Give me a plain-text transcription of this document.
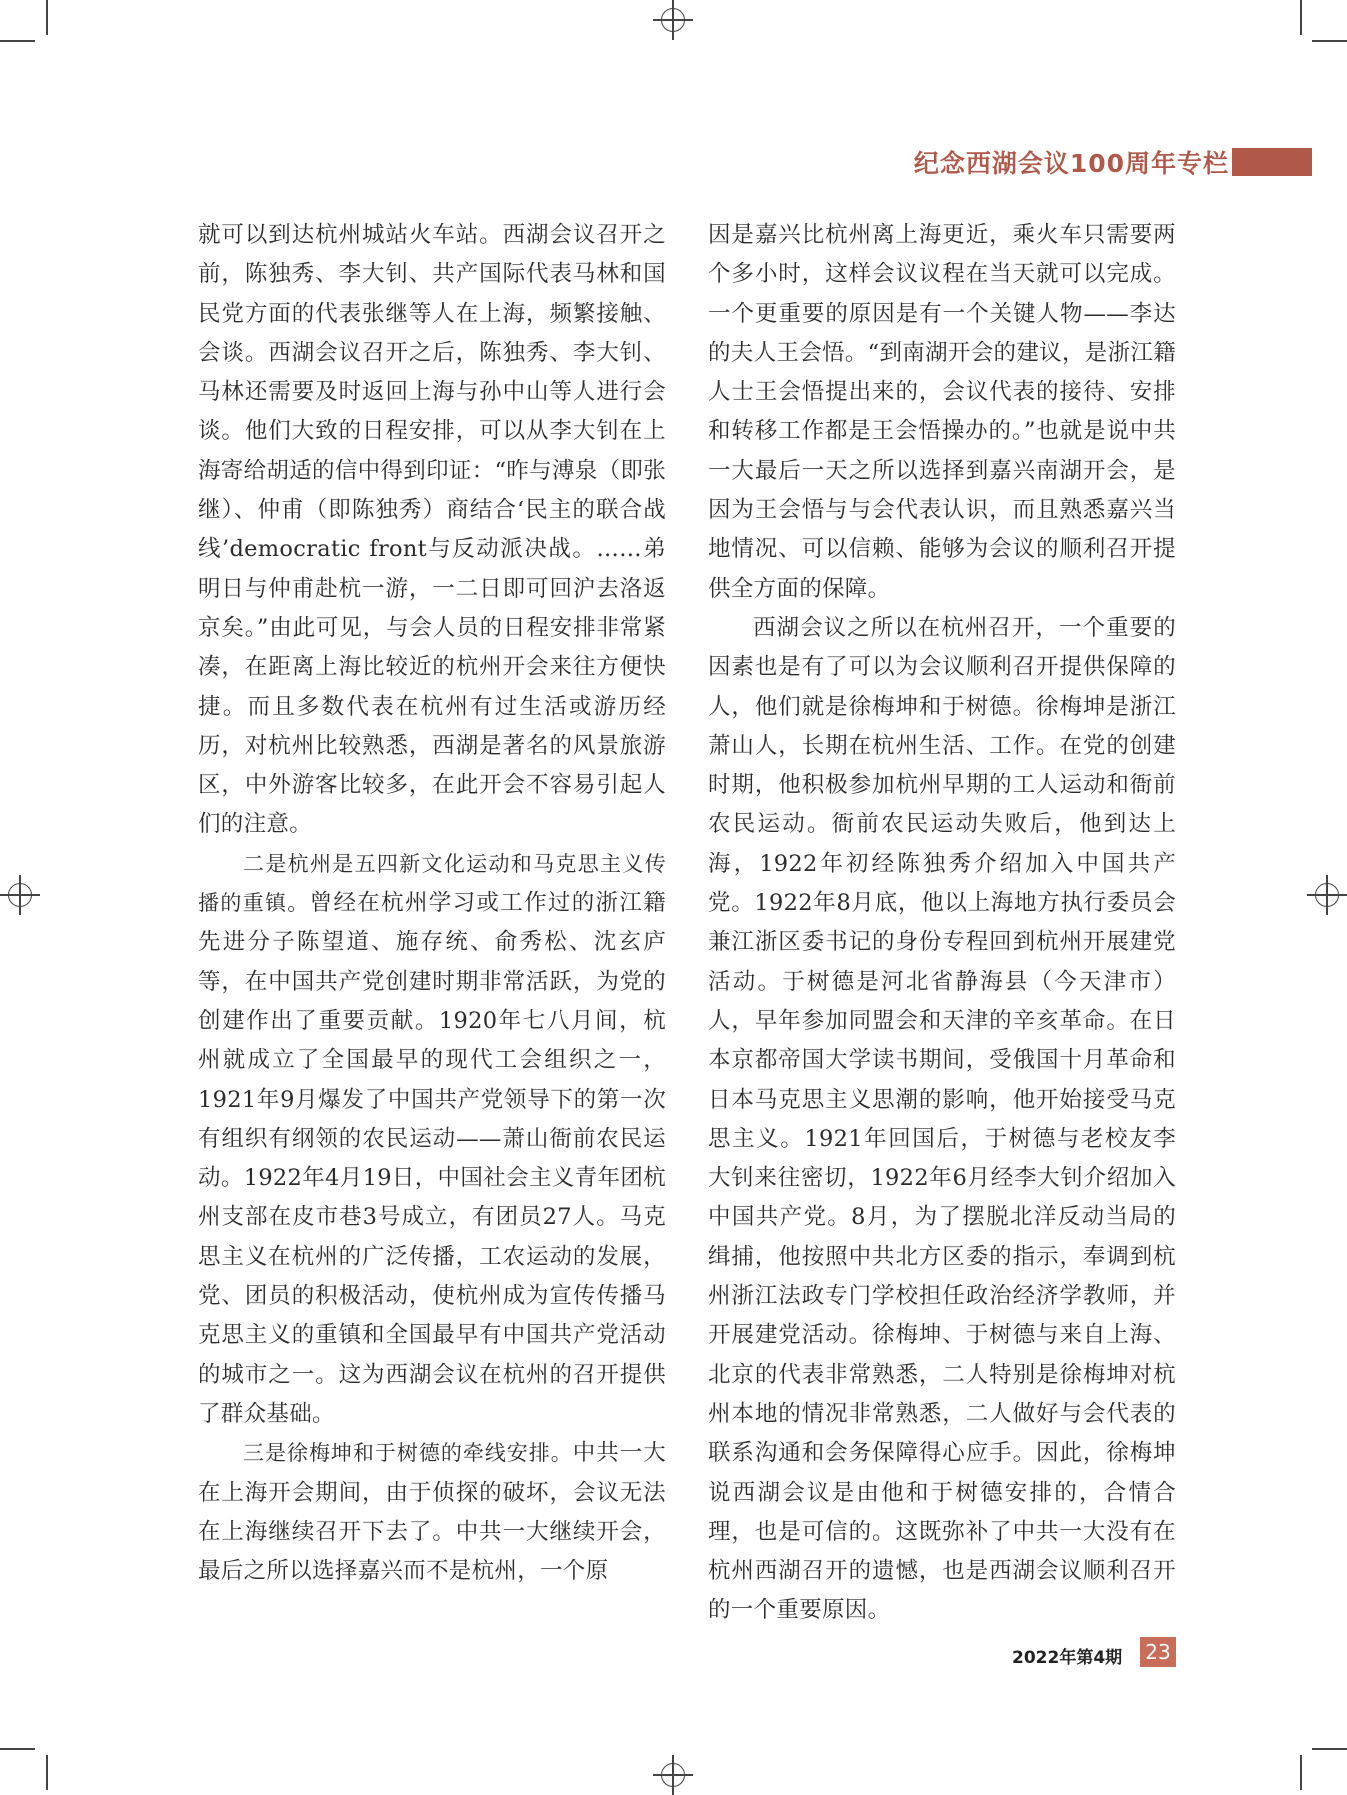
纪念西湖会议100周年专栏

就可以到达杭州城站火车站。西湖会议召开之前，陈独秀、李大钊、共产国际代表马林和国民党方面的代表张继等人在上海，频繁接触、会谈。西湖会议召开之后，陈独秀、李大钊、马林还需要及时返回上海与孙中山等人进行会谈。他们大致的日程安排，可以从李大钊在上海寄给胡适的信中得到印证：“昨与溥泉（即张继）、仲甫（即陈独秀）商结合‘民主的联合战线’democratic front与反动派决战。……弟明日与仲甫赴杭一游，一二日即可回沪去洛返京矣。”由此可见，与会人员的日程安排非常紧凑，在距离上海比较近的杭州开会来往方便快捷。而且多数代表在杭州有过生活或游历经历，对杭州比较熟悉，西湖是著名的风景旅游区，中外游客比较多，在此开会不容易引起人们的注意。

二是杭州是五四新文化运动和马克思主义传播的重镇。曾经在杭州学习或工作过的浙江籍先进分子陈望道、施存统、俞秀松、沈玄庐等，在中国共产党创建时期非常活跃，为党的创建作出了重要贡献。1920年七八月间，杭州就成立了全国最早的现代工会组织之一，1921年9月爆发了中国共产党领导下的第一次有组织有纲领的农民运动——萧山衙前农民运动。1922年4月19日，中国社会主义青年团杭州支部在皮市巷3号成立，有团员27人。马克思主义在杭州的广泛传播，工农运动的发展，党、团员的积极活动，使杭州成为宣传传播马克思主义的重镇和全国最早有中国共产党活动的城市之一。这为西湖会议在杭州的召开提供了群众基础。

三是徐梅坤和于树德的牵线安排。中共一大在上海开会期间，由于侦探的破坏，会议无法在上海继续召开下去了。中共一大继续开会，最后之所以选择嘉兴而不是杭州，一个原

因是嘉兴比杭州离上海更近，乘火车只需要两个多小时，这样会议议程在当天就可以完成。一个更重要的原因是有一个关键人物——李达的夫人王会悟。“到南湖开会的建议，是浙江籍人士王会悟提出来的，会议代表的接待、安排和转移工作都是王会悟操办的。”也就是说中共一大最后一天之所以选择到嘉兴南湖开会，是因为王会悟与与会代表认识，而且熟悉嘉兴当地情况、可以信赖、能够为会议的顺利召开提供全方面的保障。

西湖会议之所以在杭州召开，一个重要的因素也是有了可以为会议顺利召开提供保障的人，他们就是徐梅坤和于树德。徐梅坤是浙江萧山人，长期在杭州生活、工作。在党的创建时期，他积极参加杭州早期的工人运动和衙前农民运动。衙前农民运动失败后，他到达上海，1922年初经陈独秀介绍加入中国共产党。1922年8月底，他以上海地方执行委员会兼江浙区委书记的身份专程回到杭州开展建党活动。于树德是河北省静海县（今天津市）人，早年参加同盟会和天津的辛亥革命。在日本京都帝国大学读书期间，受俄国十月革命和日本马克思主义思潮的影响，他开始接受马克思主义。1921年回国后，于树德与老校友李大钊来往密切，1922年6月经李大钊介绍加入中国共产党。8月，为了摆脱北洋反动当局的缉捕，他按照中共北方区委的指示，奉调到杭州浙江法政专门学校担任政治经济学教师，并开展建党活动。徐梅坤、于树德与来自上海、北京的代表非常熟悉，二人特别是徐梅坤对杭州本地的情况非常熟悉，二人做好与会代表的联系沟通和会务保障得心应手。因此，徐梅坤说西湖会议是由他和于树德安排的，合情合理，也是可信的。这既弥补了中共一大没有在杭州西湖召开的遗憾，也是西湖会议顺利召开的一个重要原因。

2022年第4期 23
